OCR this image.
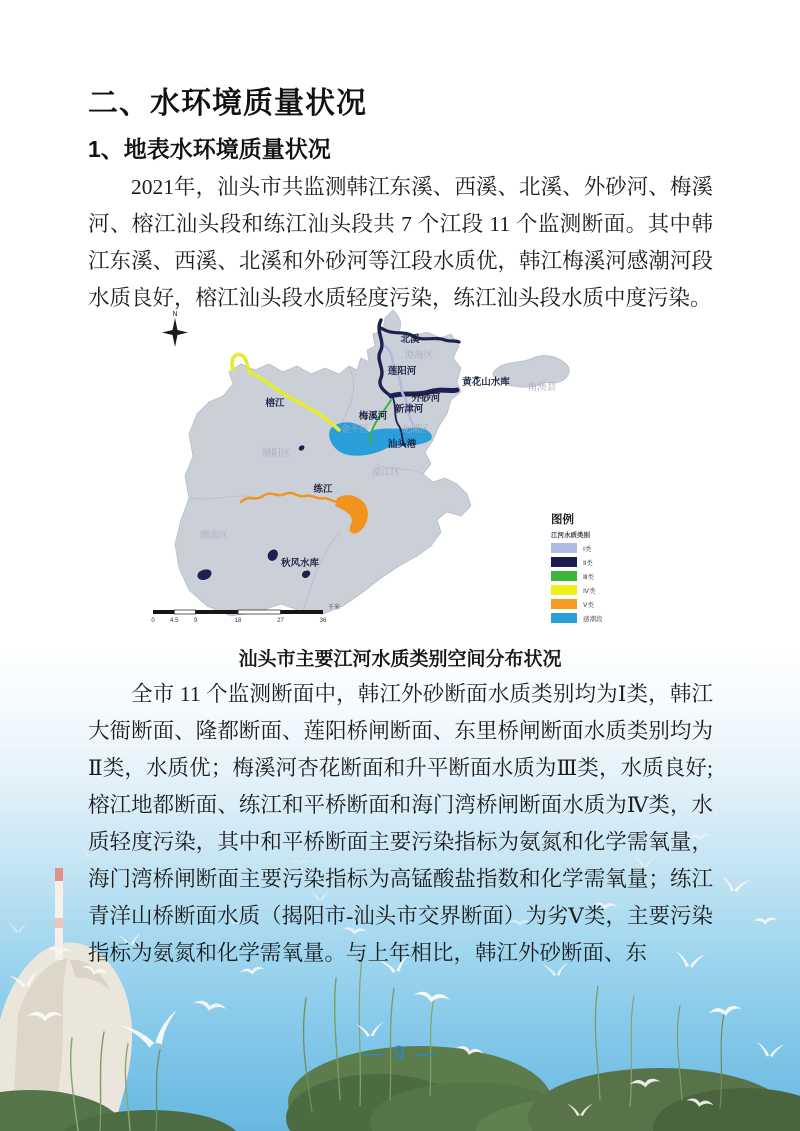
二、水环境质量状况
1、地表水环境质量状况
2021年，汕头市共监测韩江东溪、西溪、北溪、外砂河、梅溪河、榕江汕头段和练江汕头段共 7 个江段 11 个监测断面。其中韩江东溪、西溪、北溪和外砂河等江段水质优，韩江梅溪河感潮河段水质良好，榕江汕头段水质轻度污染，练江汕头段水质中度污染。
N
北溪
澄海区
莲阳河
外砂河
新津河
梅溪河
金平区	龙湖区
汕头港
潮阳区
濠江区
榕江
练江
潮南区
秋风水库
黄花山水库 南澳县
图例
江河水质类别
Ⅰ类
Ⅱ类
Ⅲ类
Ⅳ类
Ⅴ类
感潮段
0	4.5	9	18	27	36
千米
汕头市主要江河水质类别空间分布状况
全市 11 个监测断面中，韩江外砂断面水质类别均为Ⅰ类，韩江大衙断面、隆都断面、莲阳桥闸断面、东里桥闸断面水质类别均为Ⅱ类，水质优；梅溪河杏花断面和升平断面水质为Ⅲ类，水质良好;榕江地都断面、练江和平桥断面和海门湾桥闸断面水质为Ⅳ类，水质轻度污染，其中和平桥断面主要污染指标为氨氮和化学需氧量，海门湾桥闸断面主要污染指标为高锰酸盐指数和化学需氧量；练江青洋山桥断面水质（揭阳市-汕头市交界断面）为劣Ⅴ类，主要污染指标为氨氮和化学需氧量。与上年相比，韩江外砂断面、东
— 9 —
